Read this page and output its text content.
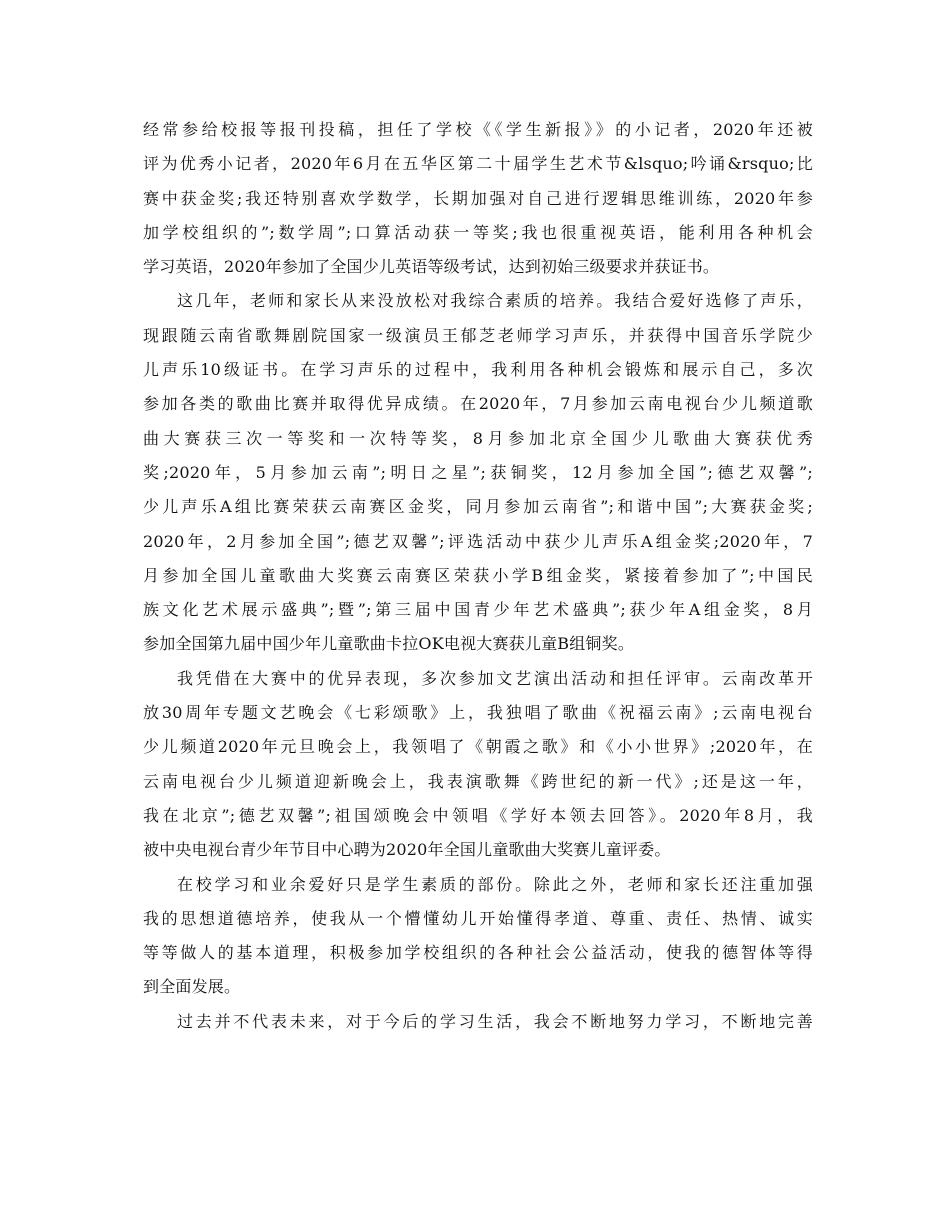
经常参给校报等报刊投稿，担任了学校《《学生新报》》的小记者，2020年还被
评为优秀小记者，2020年6月在五华区第二十届学生艺术节&lsquo;吟诵&rsquo;比
赛中获金奖;我还特别喜欢学数学，长期加强对自己进行逻辑思维训练，2020年参
加学校组织的”;数学周”;口算活动获一等奖;我也很重视英语，能利用各种机会
学习英语，2020年参加了全国少儿英语等级考试，达到初始三级要求并获证书。
这几年，老师和家长从来没放松对我综合素质的培养。我结合爱好选修了声乐，
现跟随云南省歌舞剧院国家一级演员王郁芝老师学习声乐，并获得中国音乐学院少
儿声乐10级证书。在学习声乐的过程中，我利用各种机会锻炼和展示自己，多次
参加各类的歌曲比赛并取得优异成绩。在2020年，7月参加云南电视台少儿频道歌
曲大赛获三次一等奖和一次特等奖，8月参加北京全国少儿歌曲大赛获优秀
奖;2020年，5月参加云南”;明日之星”;获铜奖，12月参加全国”;德艺双馨”;
少儿声乐A组比赛荣获云南赛区金奖，同月参加云南省”;和谐中国”;大赛获金奖;
2020年，2月参加全国”;德艺双馨”;评选活动中获少儿声乐A组金奖;2020年，7
月参加全国儿童歌曲大奖赛云南赛区荣获小学B组金奖，紧接着参加了”;中国民
族文化艺术展示盛典”;暨”;第三届中国青少年艺术盛典”;获少年A组金奖，8月
参加全国第九届中国少年儿童歌曲卡拉OK电视大赛获儿童B组铜奖。
我凭借在大赛中的优异表现，多次参加文艺演出活动和担任评审。云南改革开
放30周年专题文艺晚会《七彩颂歌》上，我独唱了歌曲《祝福云南》;云南电视台
少儿频道2020年元旦晚会上，我领唱了《朝霞之歌》和《小小世界》;2020年，在
云南电视台少儿频道迎新晚会上，我表演歌舞《跨世纪的新一代》;还是这一年，
我在北京”;德艺双馨”;祖国颂晚会中领唱《学好本领去回答》。2020年8月，我
被中央电视台青少年节目中心聘为2020年全国儿童歌曲大奖赛儿童评委。
在校学习和业余爱好只是学生素质的部份。除此之外，老师和家长还注重加强
我的思想道德培养，使我从一个懵懂幼儿开始懂得孝道、尊重、责任、热情、诚实
等等做人的基本道理，积极参加学校组织的各种社会公益活动，使我的德智体等得
到全面发展。
过去并不代表未来，对于今后的学习生活，我会不断地努力学习，不断地完善
